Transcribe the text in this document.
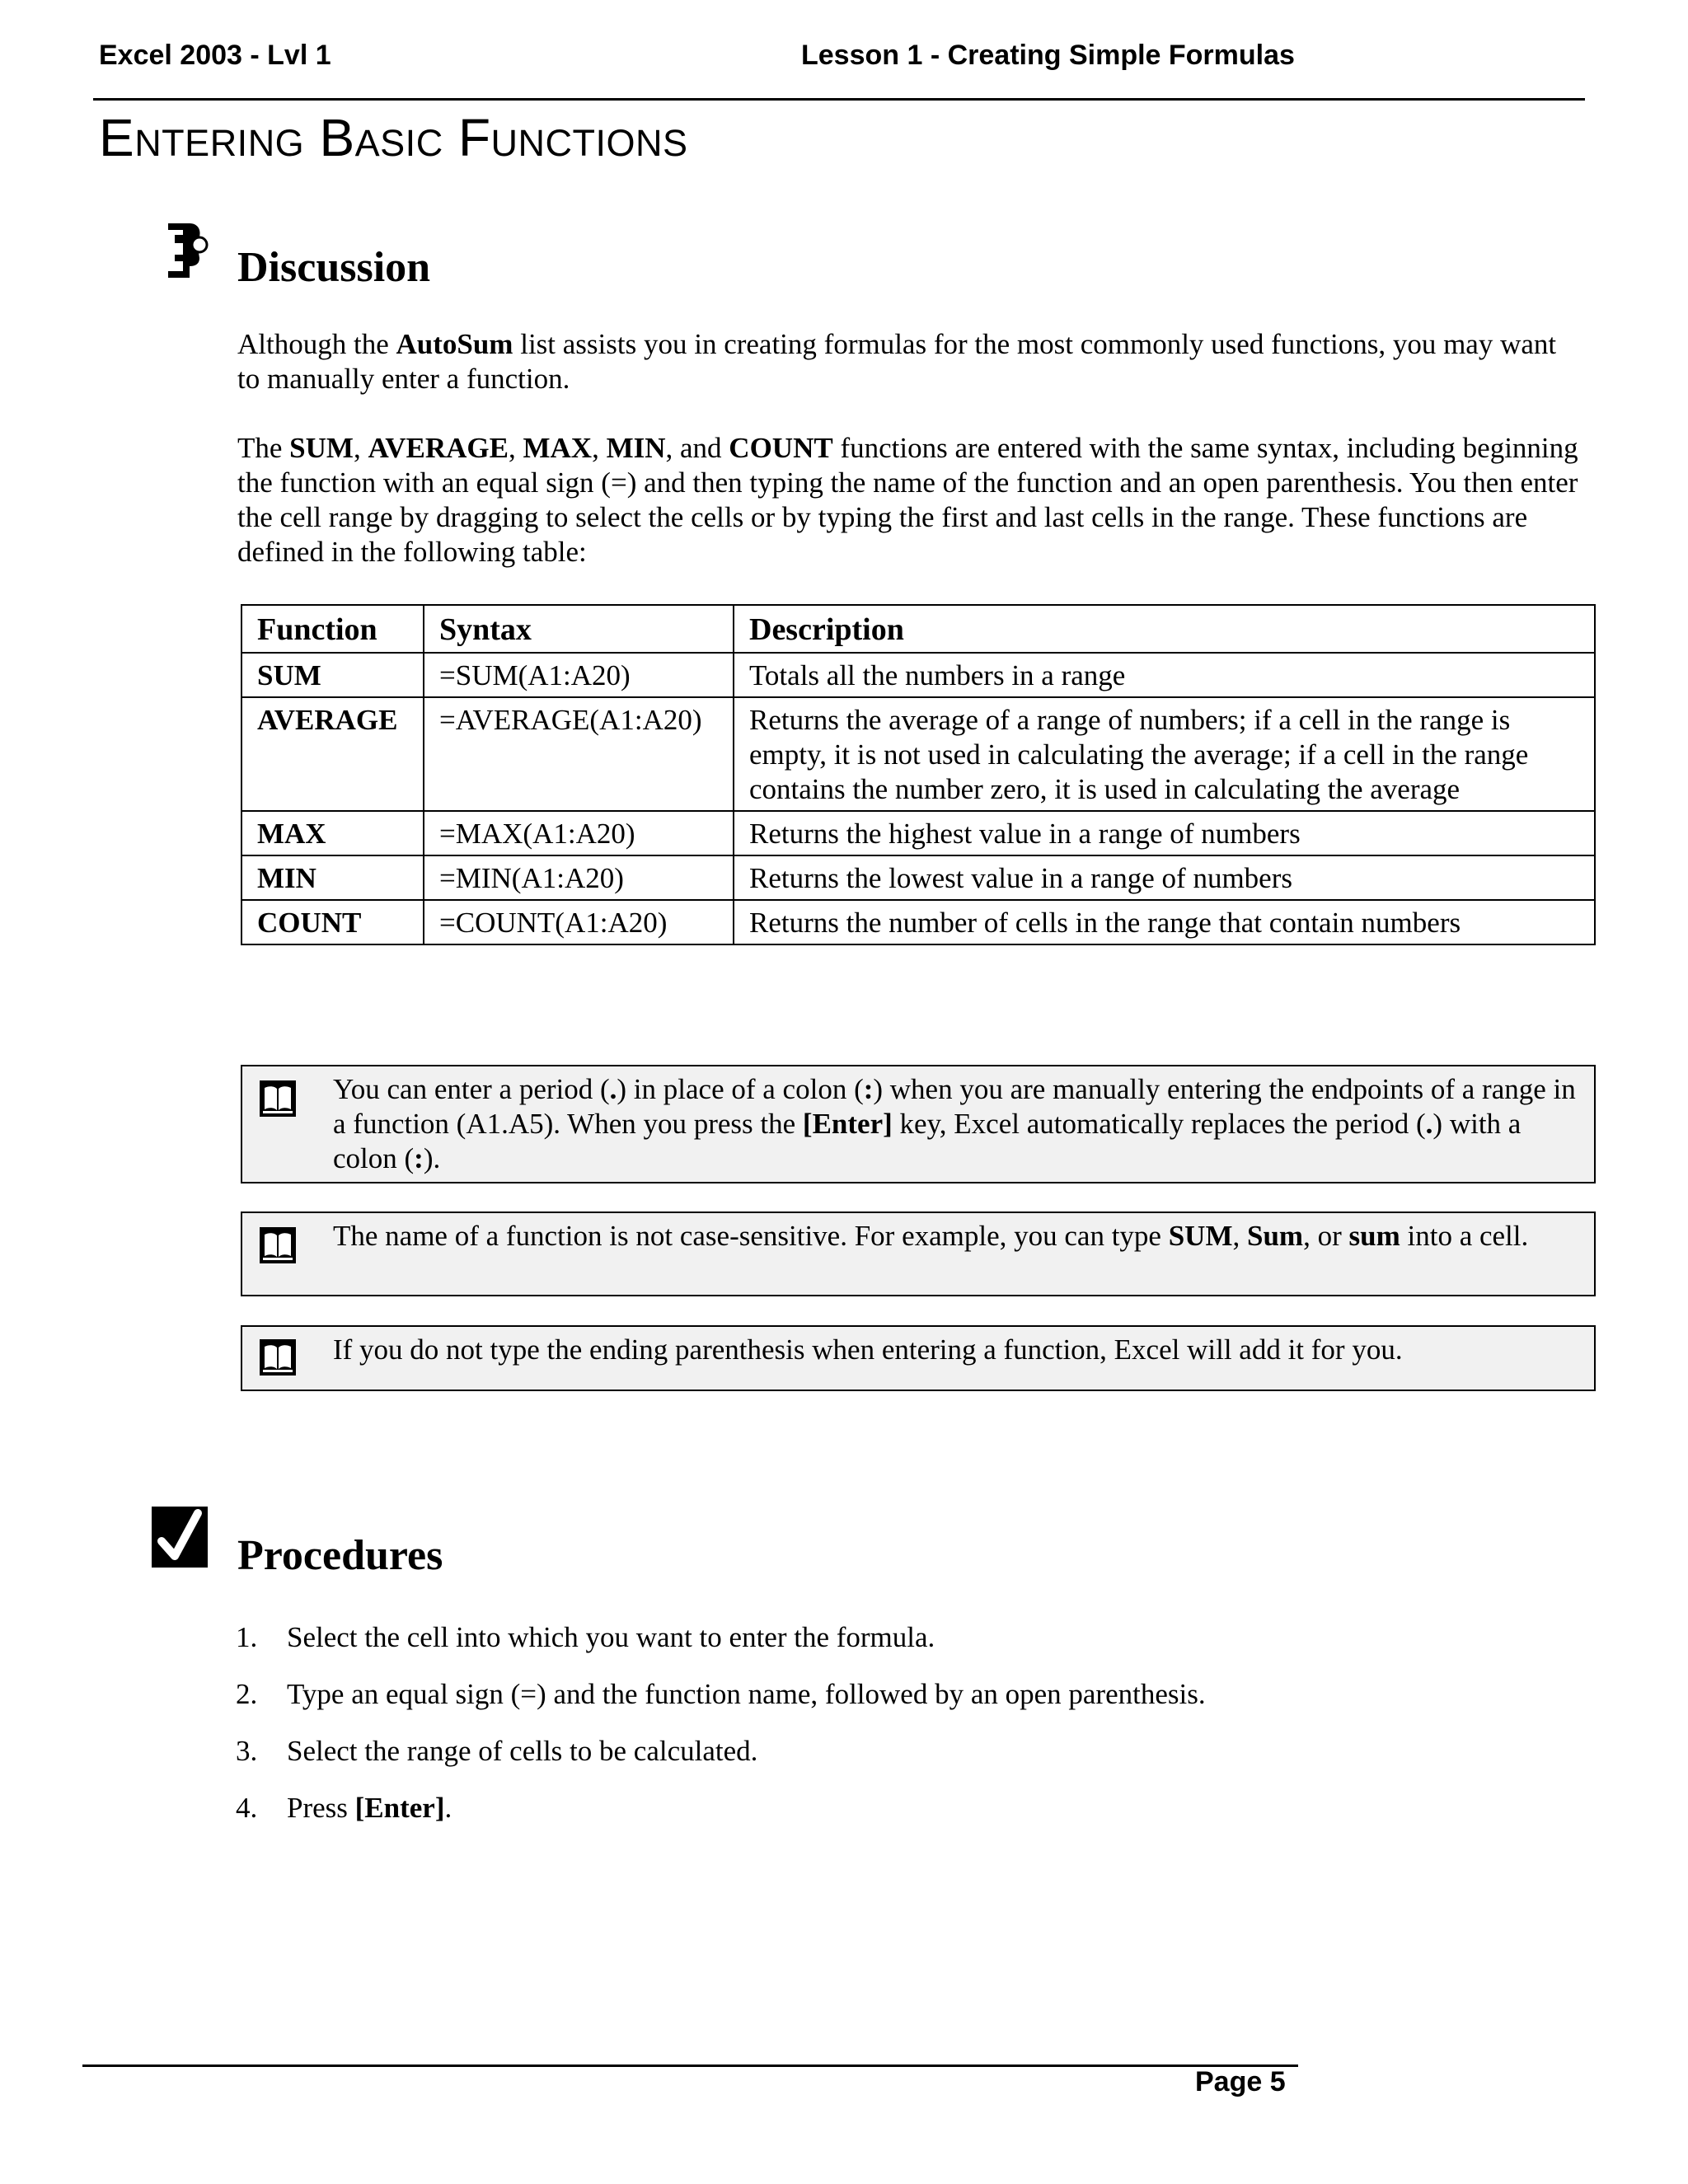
Excel 2003 - Lvl 1	Lesson 1 - Creating Simple Formulas
Entering Basic Functions
Discussion
Although the AutoSum list assists you in creating formulas for the most commonly used functions, you may want to manually enter a function.
The SUM, AVERAGE, MAX, MIN, and COUNT functions are entered with the same syntax, including beginning the function with an equal sign (=) and then typing the name of the function and an open parenthesis. You then enter the cell range by dragging to select the cells or by typing the first and last cells in the range. These functions are defined in the following table:
Function	Syntax	Description
SUM	=SUM(A1:A20)	Totals all the numbers in a range
AVERAGE	=AVERAGE(A1:A20)	Returns the average of a range of numbers; if a cell in the range is empty, it is not used in calculating the average; if a cell in the range contains the number zero, it is used in calculating the average
MAX	=MAX(A1:A20)	Returns the highest value in a range of numbers
MIN	=MIN(A1:A20)	Returns the lowest value in a range of numbers
COUNT	=COUNT(A1:A20)	Returns the number of cells in the range that contain numbers
You can enter a period (.) in place of a colon (:) when you are manually entering the endpoints of a range in a function (A1.A5). When you press the [Enter] key, Excel automatically replaces the period (.) with a colon (:).
The name of a function is not case-sensitive. For example, you can type SUM, Sum, or sum into a cell.
If you do not type the ending parenthesis when entering a function, Excel will add it for you.
Procedures
1. Select the cell into which you want to enter the formula.
2. Type an equal sign (=) and the function name, followed by an open parenthesis.
3. Select the range of cells to be calculated.
4. Press [Enter].
Page 5
